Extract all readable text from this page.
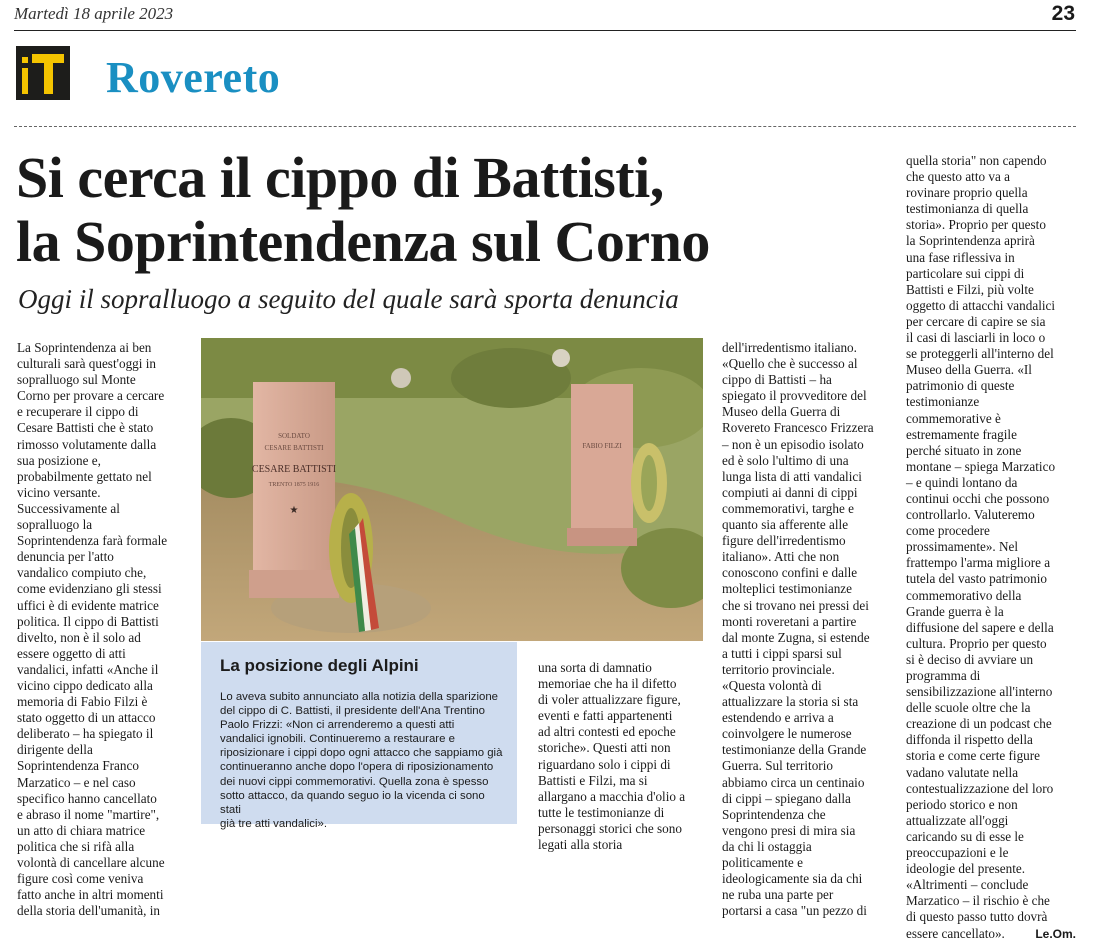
Martedì 18 aprile 2023	23
Rovereto
Si cerca il cippo di Battisti,
la Soprintendenza sul Corno
Oggi il sopralluogo a seguito del quale sarà sporta denuncia
La Soprintendenza ai ben
culturali sarà quest'oggi in
sopralluogo sul Monte
Corno per provare a cercare
e recuperare il cippo di
Cesare Battisti che è stato
rimosso volutamente dalla
sua posizione e,
probabilmente gettato nel
vicino versante.
Successivamente al
sopralluogo la
Soprintendenza farà formale
denuncia per l'atto
vandalico compiuto che,
come evidenziano gli stessi
uffici è di evidente matrice
politica. Il cippo di Battisti
divelto, non è il solo ad
essere oggetto di atti
vandalici, infatti «Anche il
vicino cippo dedicato alla
memoria di Fabio Filzi è
stato oggetto di un attacco
deliberato – ha spiegato il
dirigente della
Soprintendenza Franco
Marzatico – e nel caso
specifico hanno cancellato
e abraso il nome "martire",
un atto di chiara matrice
politica che si rifà alla
volontà di cancellare alcune
figure così come veniva
fatto anche in altri momenti
della storia dell'umanità, in
SOLDATO
CESARE BATTISTI
CESARE BATTISTI
TRENTO 1875 1916
★
FABIO FILZI
La posizione degli Alpini
Lo aveva subito annunciato alla notizia della sparizione
del cippo di C. Battisti, il presidente dell'Ana Trentino
Paolo Frizzi: «Non ci arrenderemo a questi atti
vandalici ignobili. Continueremo a restaurare e
riposizionare i cippi dopo ogni attacco che sappiamo già
continueranno anche dopo l'opera di riposizionamento
dei nuovi cippi commemorativi. Quella zona è spesso
sotto attacco, da quando seguo io la vicenda ci sono stati
già tre atti vandalici».
una sorta di damnatio
memoriae che ha il difetto
di voler attualizzare figure,
eventi e fatti appartenenti
ad altri contesti ed epoche
storiche». Questi atti non
riguardano solo i cippi di
Battisti e Filzi, ma si
allargano a macchia d'olio a
tutte le testimonianze di
personaggi storici che sono
legati alla storia
dell'irredentismo italiano.
«Quello che è successo al
cippo di Battisti – ha
spiegato il provveditore del
Museo della Guerra di
Rovereto Francesco Frizzera
– non è un episodio isolato
ed è solo l'ultimo di una
lunga lista di atti vandalici
compiuti ai danni di cippi
commemorativi, targhe e
quanto sia afferente alle
figure dell'irredentismo
italiano». Atti che non
conoscono confini e dalle
molteplici testimonianze
che si trovano nei pressi dei
monti roveretani a partire
dal monte Zugna, si estende
a tutti i cippi sparsi sul
territorio provinciale.
«Questa volontà di
attualizzare la storia si sta
estendendo e arriva a
coinvolgere le numerose
testimonianze della Grande
Guerra. Sul territorio
abbiamo circa un centinaio
di cippi – spiegano dalla
Soprintendenza che
vengono presi di mira sia
da chi li ostaggia
politicamente e
ideologicamente sia da chi
ne ruba una parte per
portarsi a casa "un pezzo di
quella storia" non capendo
che questo atto va a
rovinare proprio quella
testimonianza di quella
storia». Proprio per questo
la Soprintendenza aprirà
una fase riflessiva in
particolare sui cippi di
Battisti e Filzi, più volte
oggetto di attacchi vandalici
per cercare di capire se sia
il casi di lasciarli in loco o
se proteggerli all'interno del
Museo della Guerra. «Il
patrimonio di queste
testimonianze
commemorative è
estremamente fragile
perché situato in zone
montane – spiega Marzatico
– e quindi lontano da
continui occhi che possono
controllarlo. Valuteremo
come procedere
prossimamente». Nel
frattempo l'arma migliore a
tutela del vasto patrimonio
commemorativo della
Grande guerra è la
diffusione del sapere e della
cultura. Proprio per questo
si è deciso di avviare un
programma di
sensibilizzazione all'interno
delle scuole oltre che la
creazione di un podcast che
diffonda il rispetto della
storia e come certe figure
vadano valutate nella
contestualizzazione del loro
periodo storico e non
attualizzate all'oggi
caricando su di esse le
preoccupazioni e le
ideologie del presente.
«Altrimenti – conclude
Marzatico – il rischio è che
di questo passo tutto dovrà
essere cancellato».	Le.Om.
